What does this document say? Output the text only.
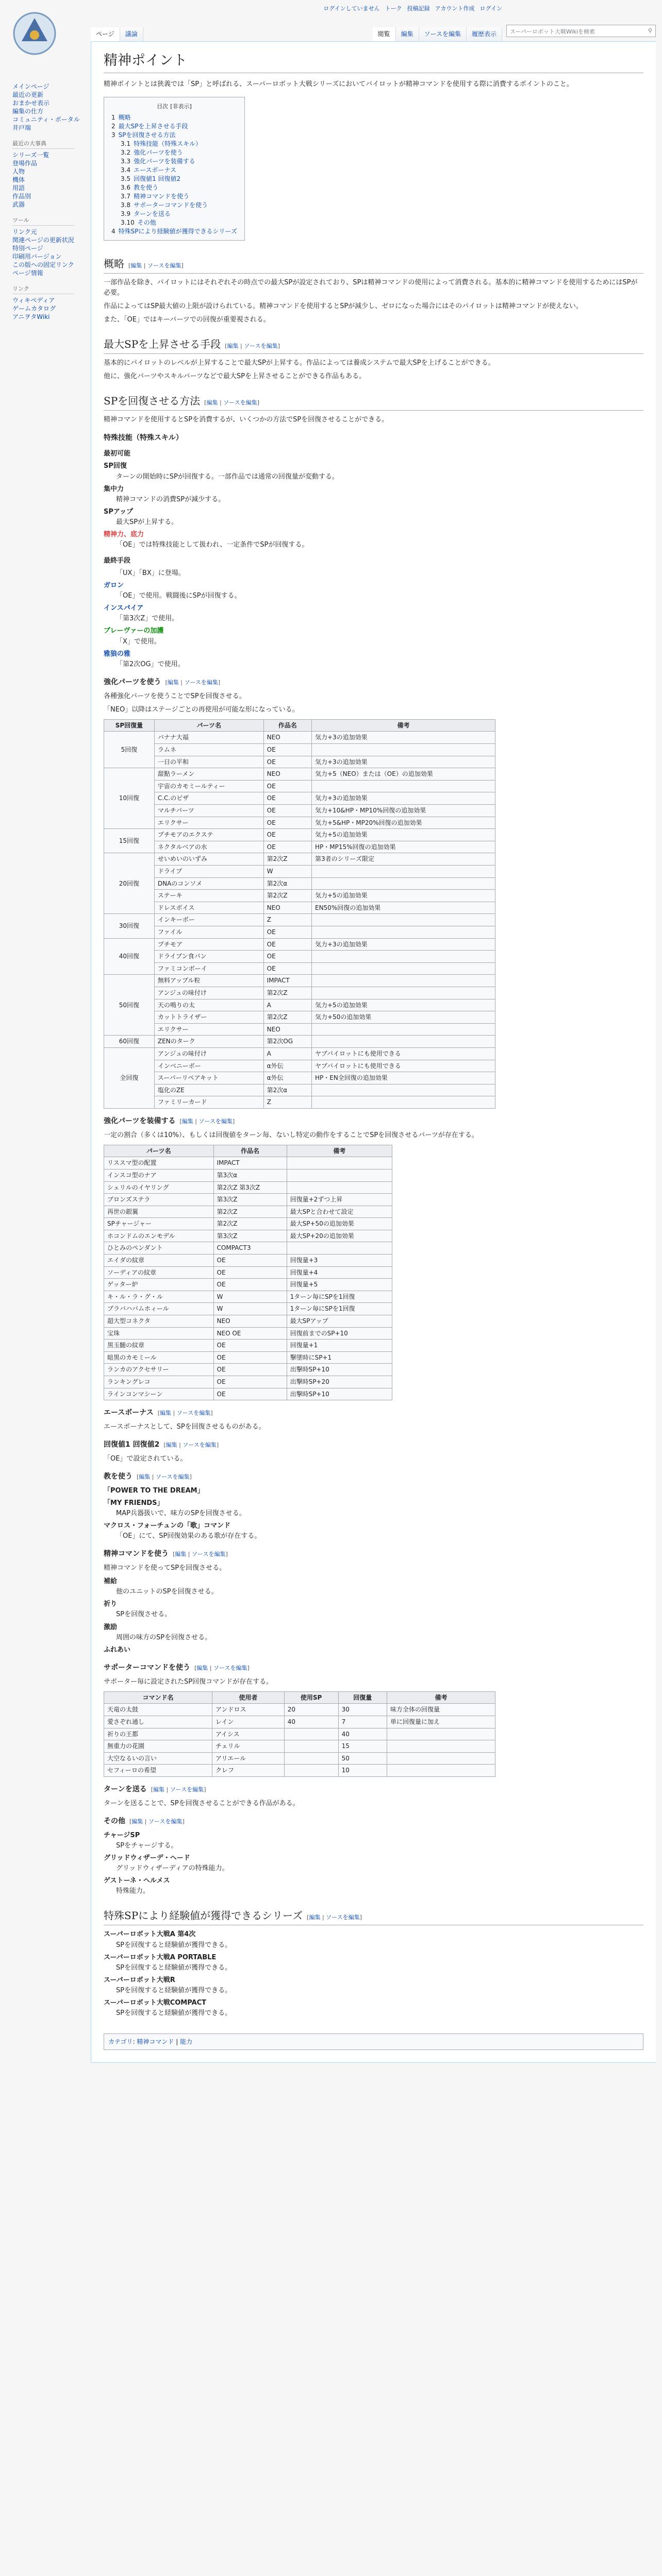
ログインしていません トーク 投稿記録 アカウント作成 ログイン
メインページ
最近の更新
おまかせ表示
編集の仕方
コミュニティ・ポータル
井戸端
最近の大事典
シリーズ一覧
登場作品
人物
機体
用語
作品別
武器
ツール
リンク元
関連ページの更新状況
特別ページ
印刷用バージョン
この版への固定リンク
ページ情報
リンク
ウィキペディア
ゲームカタログ
アニヲタWiki
ページ	議論	閲覧	編集	ソースを編集	履歴表示	スーパーロボット大戦Wikiを検索	⚲
精神ポイント

精神ポイントとは狭義では「SP」と呼ばれる、スーパーロボット大戦シリーズにおいてパイロットが精神コマンドを使用する際に消費するポイントのこと。

目次 [非表示]
1 概略
2 最大SPを上昇させる手段
3 SPを回復させる方法
3.1 特殊技能（特殊スキル）
3.2 強化パーツを使う
3.3 強化パーツを装備する
3.4 エースボーナス
3.5 回復値1 回復値2
3.6 教を使う
3.7 精神コマンドを使う
3.8 サポーターコマンドを使う
3.9 ターンを送る
3.10 その他
4 特殊SPにより経験値が獲得できるシリーズ
概略 [編集 | ソースを編集]

一部作品を除き、パイロットにはそれぞれその時点での最大SPが設定されており、SPは精神コマンドの使用によって消費される。基本的に精神コマンドを使用するためにはSPが必要。

作品によってはSP最大値の上限が設けられている。精神コマンドを使用するとSPが減少し、ゼロになった場合にはそのパイロットは精神コマンドが使えない。

また、「OE」ではキーパーツでの回復が重要視される。

最大SPを上昇させる手段 [編集 | ソースを編集]

基本的にパイロットのレベルが上昇することで最大SPが上昇する。作品によっては養成システムで最大SPを上げることができる。

他に、強化パーツやスキルパーツなどで最大SPを上昇させることができる作品もある。

SPを回復させる方法 [編集 | ソースを編集]

精神コマンドを使用するとSPを消費するが、いくつかの方法でSPを回復させることができる。

特殊技能（特殊スキル）
最初可能
SP回復
ターンの開始時にSPが回復する。一部作品では通常の回復量が変動する。
集中力
精神コマンドの消費SPが減少する。
SPアップ
最大SPが上昇する。
精神力、底力
「OE」では特殊技能として扱われ、一定条件でSPが回復する。
最終手段
「UX」「BX」に登場。
ガロン
「OE」で使用。戦闘後にSPが回復する。
インスパイア
「第3次Z」で使用。
ブレーヴァーの加護
「X」で使用。
雅狼の雅
「第2次OG」で使用。
強化パーツを使う [編集 | ソースを編集]

各種強化パーツを使うことでSPを回復させる。

「NEO」以降はステージごとの再使用が可能な形になっている。

SP回復量	パーツ名	作品名	備考
5回復	バナナ大福	NEO	気力+3の追加効果
	ラムネ	OE	
	一日の平和	OE	気力+3の追加効果
10回復	甜點ラーメン	NEO	気力+5（NEO）または（OE）の追加効果
	宇宙のカモミールティー	OE	
	C.C.のピザ	OE	気力+3の追加効果
	マルチパーツ	OE	気力+10&HP・MP10%回復の追加効果
	エリクサー	OE	気力+5&HP・MP20%回復の追加効果
15回復	プチモアのエクステ	OE	気力+5の追加効果
	ネクタルベアの水	OE	HP・MP15%回復の追加効果
20回復	せいめいのいずみ	第2次Z	第3者のシリーズ限定
	ドライブ	W	
	DNAのコンソメ	第2次α	
	ステーキ	第2次Z	気力+5の追加効果
	ドレスボイス	NEO	EN50%回復の追加効果
30回復	インキーボー	Z	
	ファイル	OE	
40回復	プチモア	OE	気力+3の追加効果
	ドライブン食パン	OE	
	ファミコンボーイ	OE	
50回復	無料アップル粒	IMPACT	
	アンジュの味付け	第2次Z	
	天の鳴りの太	A	気力+5の追加効果
	カットトライザー	第2次Z	気力+50の追加効果
	エリクサー	NEO	
60回復	ZENのターク	第2次OG	
全回復	アンジュの味付け	A	ヤブパイロットにも使用できる
	インベニーボー	α外伝	ヤブパイロットにも使用できる
	スーパーリペアキット	α外伝	HP・EN全回復の追加効果
	塩化のZE	第2次α	
	ファミリーカード	Z	
強化パーツを装備する [編集 | ソースを編集]

一定の割合（多くは10%）、もしくは回復値をターン毎、ないし特定の動作をすることでSPを回復させるパーツが存在する。

パーツ名	作品名	備考
リススマ型の配置	IMPACT	
インスコ型のナア	第3次α	
シェリルのイヤリング	第2次Z 第3次Z	
ブロンズステラ	第3次Z	回復量+2ずつ上昇
再世の銀翼	第2次Z	最大SPと合わせて設定
SPチャージャー	第2次Z	最大SP+50の追加効果
ホコンドムのエンモデル	第3次Z	最大SP+20の追加効果
ひとみのペンダント	COMPACT3	
エイダの紋章	OE	回復量+3
ソーディアの紋章	OE	回復量+4
ゲッター炉	OE	回復量+5
キ・ル・ラ・グ・ル	W	1ターン毎にSPを1回復
ブラバハバムホィール	W	1ターン毎にSPを1回復
超大型コネクタ	NEO	最大SPアップ
宝珠	NEO OE	回復前までのSP+10
黒玉髄の紋章	OE	回復量+1
暗黒のカモミール	OE	撃墜時にSP+1
ランカのアクセサリー	OE	出撃時SP+10
ランキングレコ	OE	出撃時SP+20
ラインコンマシーン	OE	出撃時SP+10
エースボーナス [編集 | ソースを編集]

エースボーナスとして、SPを回復させるものがある。

回復値1 回復値2 [編集 | ソースを編集]

「OE」で設定されている。

教を使う [編集 | ソースを編集]
「POWER TO THE DREAM」
「MY FRIENDS」
MAP兵器扱いで、味方のSPを回復させる。
マクロス・フォーチュンの「歌」コマンド
「OE」にて、SP回復効果のある歌が存在する。
精神コマンドを使う [編集 | ソースを編集]

精神コマンドを使ってSPを回復させる。

補給
他のユニットのSPを回復させる。
祈り
SPを回復させる。
激励
周囲の味方のSPを回復させる。
ふれあい
サポーターコマンドを使う [編集 | ソースを編集]

サポーター毎に設定されたSP回復コマンドが存在する。

コマンド名	使用者	使用SP	回復量	備考
天竜の太鼓	アンドロス	20	30	味方全体の回復量
愛さぞれ通し	レイン	40	7	単に回復量に加え
祈りの王都	アイシス		40	
無重力の花園	チェリル		15	
大空なるいの言い	アリエール		50	
セフィーロの希望	クレフ		10	
ターンを送る [編集 | ソースを編集]

ターンを送ることで、SPを回復させることができる作品がある。

その他 [編集 | ソースを編集]
チャージSP
SPをチャージする。
グリッドウィザーデ・ヘード
グリッドウィザーディアの特殊能力。
ゲストーネ・ヘルメス
特殊能力。
特殊SPにより経験値が獲得できるシリーズ [編集 | ソースを編集]
スーパーロボット大戦A 第4次
SPを回復すると経験値が獲得できる。
スーパーロボット大戦A PORTABLE
SPを回復すると経験値が獲得できる。
スーパーロボット大戦R
SPを回復すると経験値が獲得できる。
スーパーロボット大戦COMPACT
SPを回復すると経験値が獲得できる。
カテゴリ: 精神コマンド | 能力
